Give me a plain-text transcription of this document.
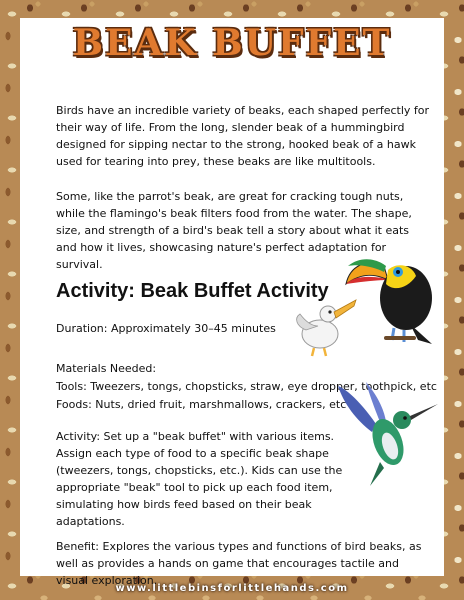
BEAK BUFFET

Birds have an incredible variety of beaks, each shaped perfectly for their way of life. From the long, slender beak of a hummingbird designed for sipping nectar to the strong, hooked beak of a hawk used for tearing into prey, these beaks are like multitools.

Some, like the parrot's beak, are great for cracking tough nuts, while the flamingo's beak filters food from the water. The shape, size, and strength of a bird's beak tell a story about what it eats and how it lives, showcasing nature's perfect adaptation for survival.

Activity: Beak Buffet Activity
Duration: Approximately 30–45 minutes
Materials Needed:
Tools: Tweezers, tongs, chopsticks, straw, eye dropper, toothpick, etc
Foods: Nuts, dried fruit, marshmallows, crackers, etc

Activity: Set up a "beak buffet" with various items. Assign each type of food to a specific beak shape (tweezers, tongs, chopsticks, etc.). Kids can use the appropriate "beak" tool to pick up each food item, simulating how birds feed based on their beak adaptations.

Benefit: Explores the various types and functions of bird beaks, as well as provides a hands on game that encourages tactile and visual exploration.

www.littlebinsforlittlehands.com
